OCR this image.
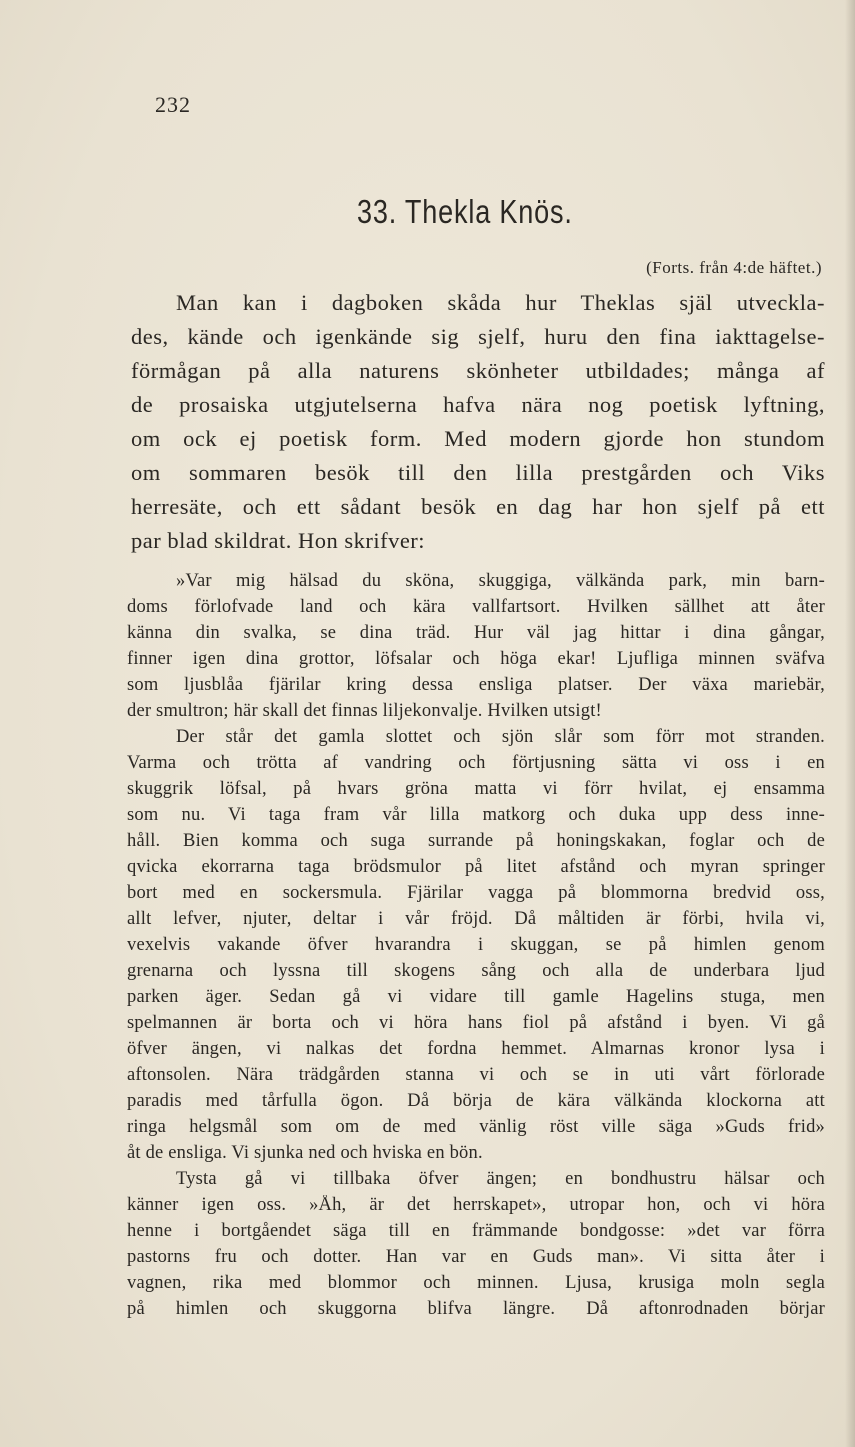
232
33. Thekla Knös.
(Forts. från 4:de häftet.)
Man kan i dagboken skåda hur Theklas själ utveckla-
des, kände och igenkände sig sjelf, huru den fina iakttagelse-
förmågan på alla naturens skönheter utbildades; många af
de prosaiska utgjutelserna hafva nära nog poetisk lyftning,
om ock ej poetisk form. Med modern gjorde hon stundom
om sommaren besök till den lilla prestgården och Viks
herresäte, och ett sådant besök en dag har hon sjelf på ett
par blad skildrat. Hon skrifver:
»Var mig hälsad du sköna, skuggiga, välkända park, min barn-
doms förlofvade land och kära vallfartsort. Hvilken sällhet att åter
känna din svalka, se dina träd. Hur väl jag hittar i dina gångar,
finner igen dina grottor, löfsalar och höga ekar! Ljufliga minnen sväfva
som ljusblåa fjärilar kring dessa ensliga platser. Der växa mariebär,
der smultron; här skall det finnas liljekonvalje. Hvilken utsigt!
Der står det gamla slottet och sjön slår som förr mot stranden.
Varma och trötta af vandring och förtjusning sätta vi oss i en
skuggrik löfsal, på hvars gröna matta vi förr hvilat, ej ensamma
som nu. Vi taga fram vår lilla matkorg och duka upp dess inne-
håll. Bien komma och suga surrande på honingskakan, foglar och de
qvicka ekorrarna taga brödsmulor på litet afstånd och myran springer
bort med en sockersmula. Fjärilar vagga på blommorna bredvid oss,
allt lefver, njuter, deltar i vår fröjd. Då måltiden är förbi, hvila vi,
vexelvis vakande öfver hvarandra i skuggan, se på himlen genom
grenarna och lyssna till skogens sång och alla de underbara ljud
parken äger. Sedan gå vi vidare till gamle Hagelins stuga, men
spelmannen är borta och vi höra hans fiol på afstånd i byen. Vi gå
öfver ängen, vi nalkas det fordna hemmet. Almarnas kronor lysa i
aftonsolen. Nära trädgården stanna vi och se in uti vårt förlorade
paradis med tårfulla ögon. Då börja de kära välkända klockorna att
ringa helgsmål som om de med vänlig röst ville säga »Guds frid»
åt de ensliga. Vi sjunka ned och hviska en bön.
Tysta gå vi tillbaka öfver ängen; en bondhustru hälsar och
känner igen oss. »Åh, är det herrskapet», utropar hon, och vi höra
henne i bortgåendet säga till en främmande bondgosse: »det var förra
pastorns fru och dotter. Han var en Guds man». Vi sitta åter i
vagnen, rika med blommor och minnen. Ljusa, krusiga moln segla
på himlen och skuggorna blifva längre. Då aftonrodnaden börjar
